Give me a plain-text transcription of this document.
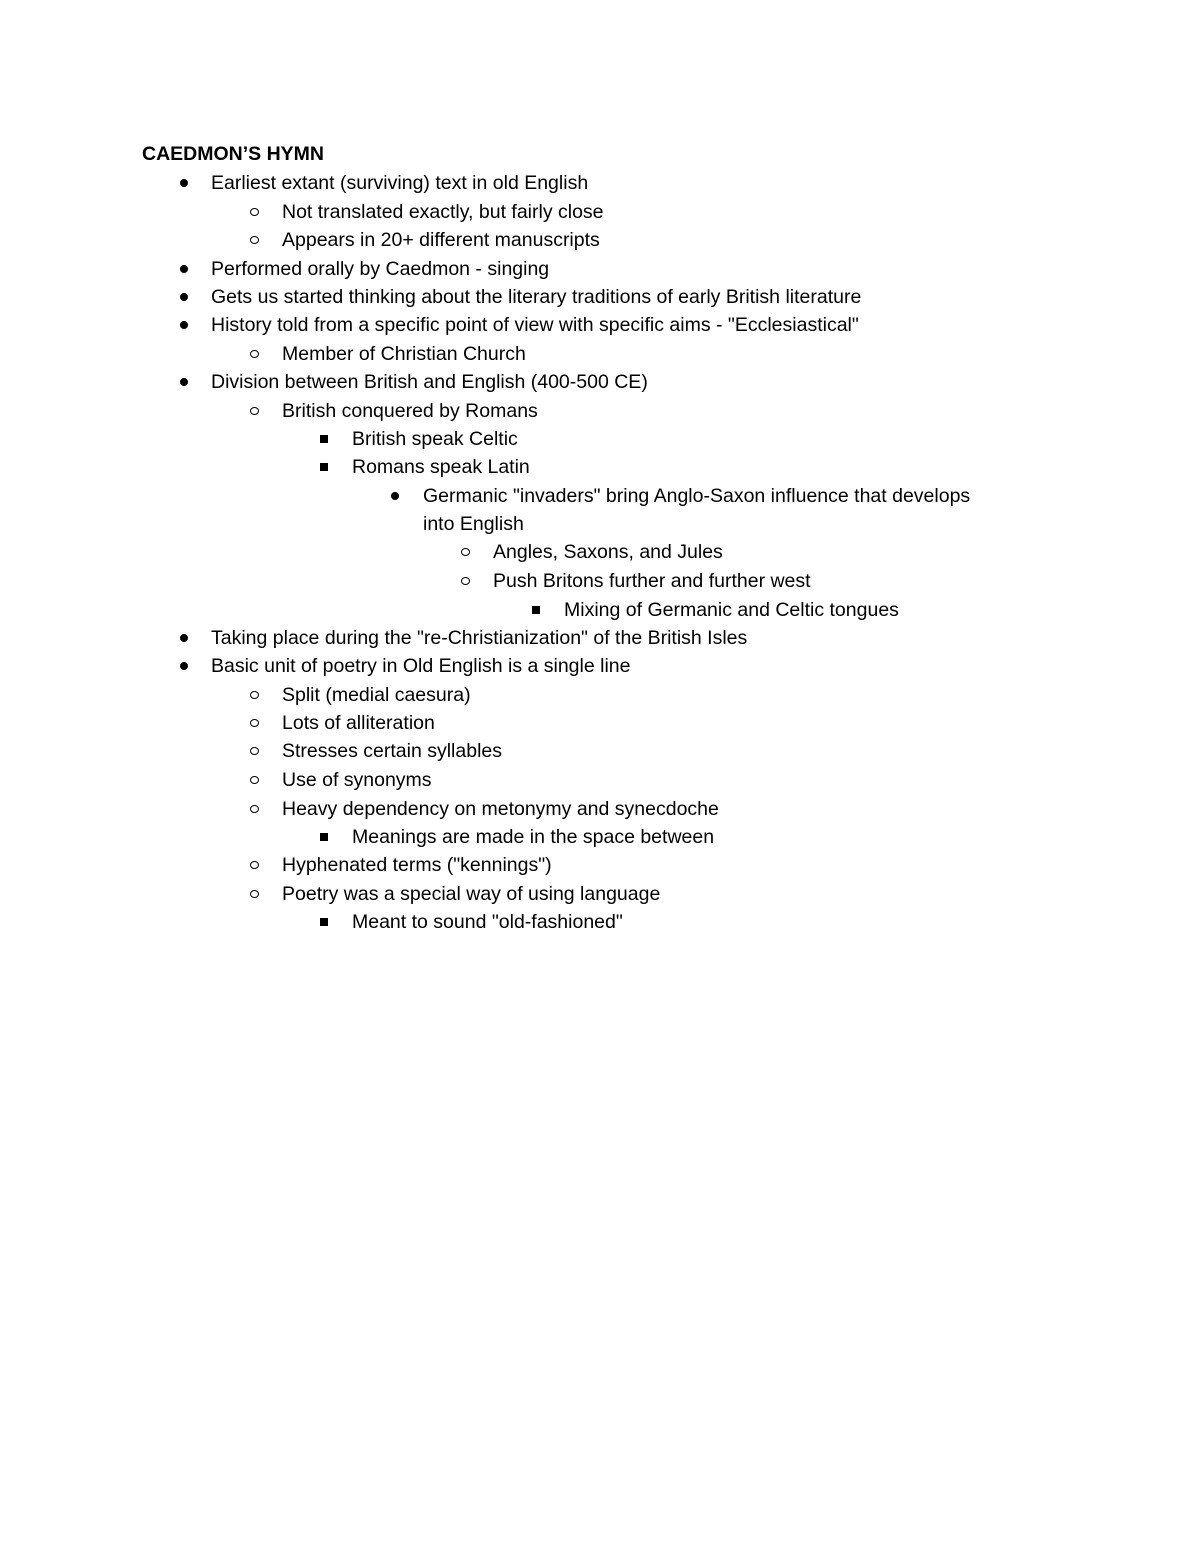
CAEDMON’S HYMN
Earliest extant (surviving) text in old English
Not translated exactly, but fairly close
Appears in 20+ different manuscripts
Performed orally by Caedmon - singing
Gets us started thinking about the literary traditions of early British literature
History told from a specific point of view with specific aims - "Ecclesiastical"
Member of Christian Church
Division between British and English (400-500 CE)
British conquered by Romans
British speak Celtic
Romans speak Latin
Germanic "invaders" bring Anglo-Saxon influence that develops
into English
Angles, Saxons, and Jules
Push Britons further and further west
Mixing of Germanic and Celtic tongues
Taking place during the "re-Christianization" of the British Isles
Basic unit of poetry in Old English is a single line
Split (medial caesura)
Lots of alliteration
Stresses certain syllables
Use of synonyms
Heavy dependency on metonymy and synecdoche
Meanings are made in the space between
Hyphenated terms ("kennings")
Poetry was a special way of using language
Meant to sound "old-fashioned"
